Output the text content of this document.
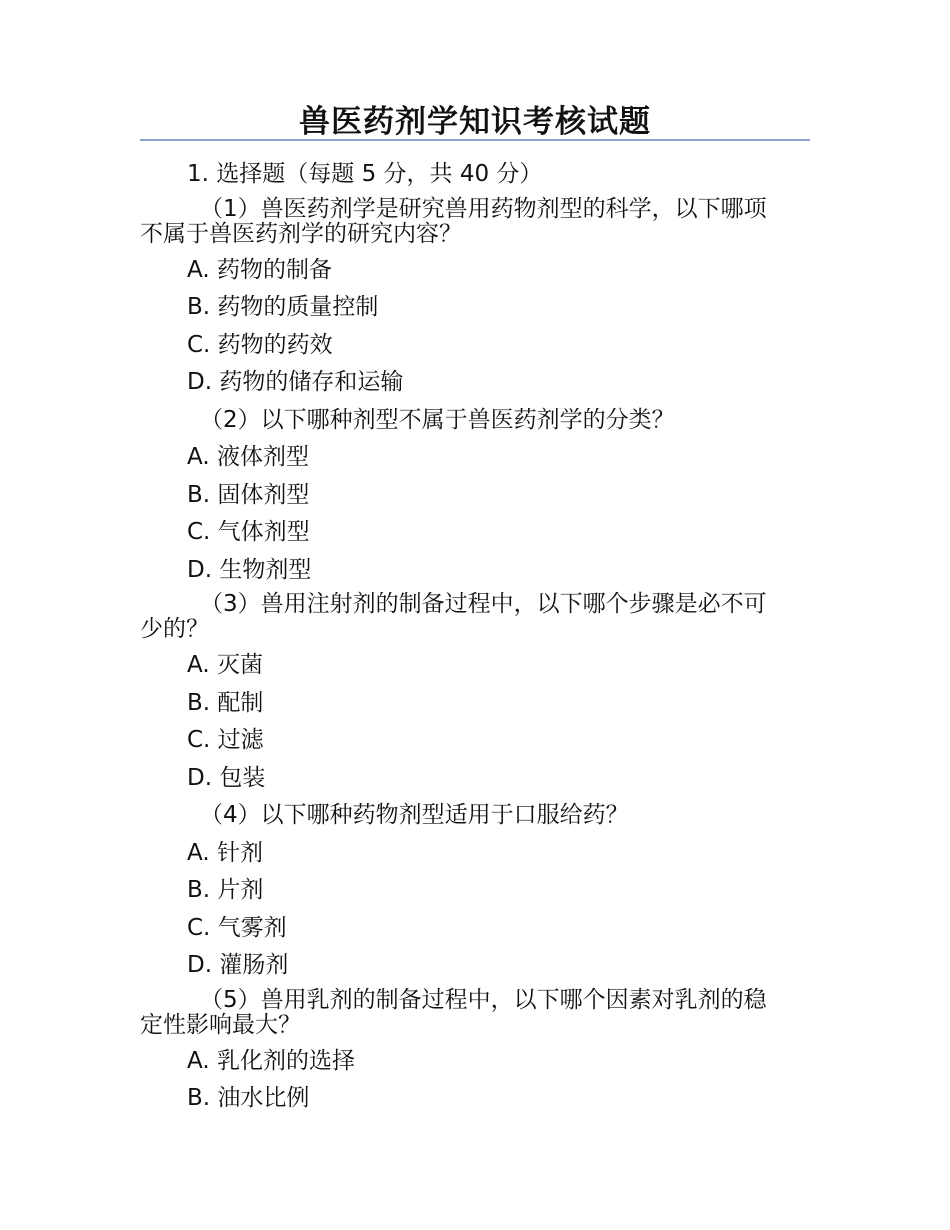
兽医药剂学知识考核试题
1. 选择题（每题 5 分，共 40 分）
（1）兽医药剂学是研究兽用药物剂型的科学，以下哪项
不属于兽医药剂学的研究内容？
A. 药物的制备
B. 药物的质量控制
C. 药物的药效
D. 药物的储存和运输
（2）以下哪种剂型不属于兽医药剂学的分类？
A. 液体剂型
B. 固体剂型
C. 气体剂型
D. 生物剂型
（3）兽用注射剂的制备过程中，以下哪个步骤是必不可
少的？
A. 灭菌
B. 配制
C. 过滤
D. 包装
（4）以下哪种药物剂型适用于口服给药？
A. 针剂
B. 片剂
C. 气雾剂
D. 灌肠剂
（5）兽用乳剂的制备过程中，以下哪个因素对乳剂的稳
定性影响最大？
A. 乳化剂的选择
B. 油水比例
